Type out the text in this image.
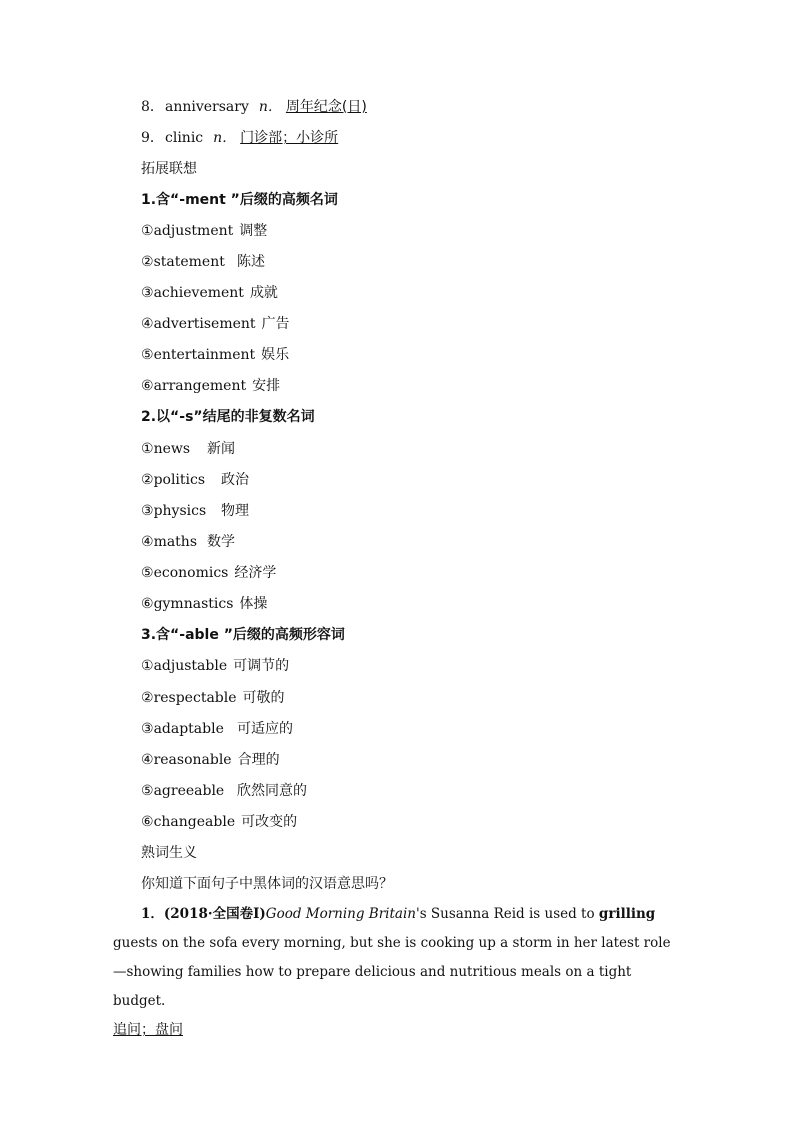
8．anniversary n． 周年纪念(日)
9．clinic n． 门诊部；小诊所
拓展联想
1.含“-ment ”后缀的高频名词
①adjustment 调整
②statement 陈述
③achievement 成就
④advertisement 广告
⑤entertainment 娱乐
⑥arrangement 安排
2.以“-s”结尾的非复数名词
①news 新闻
②politics 政治
③physics 物理
④maths 数学
⑤economics 经济学
⑥gymnastics 体操
3.含“-able ”后缀的高频形容词
①adjustable 可调节的
②respectable 可敬的
③adaptable 可适应的
④reasonable 合理的
⑤agreeable 欣然同意的
⑥changeable 可改变的
熟词生义
你知道下面句子中黑体词的汉语意思吗？
1．(2018·全国卷Ⅰ)Good Morning Britain's Susanna Reid is used to grilling guests on the sofa every morning, but she is cooking up a storm in her latest role—showing families how to prepare delicious and nutritious meals on a tight budget.
追问；盘问
